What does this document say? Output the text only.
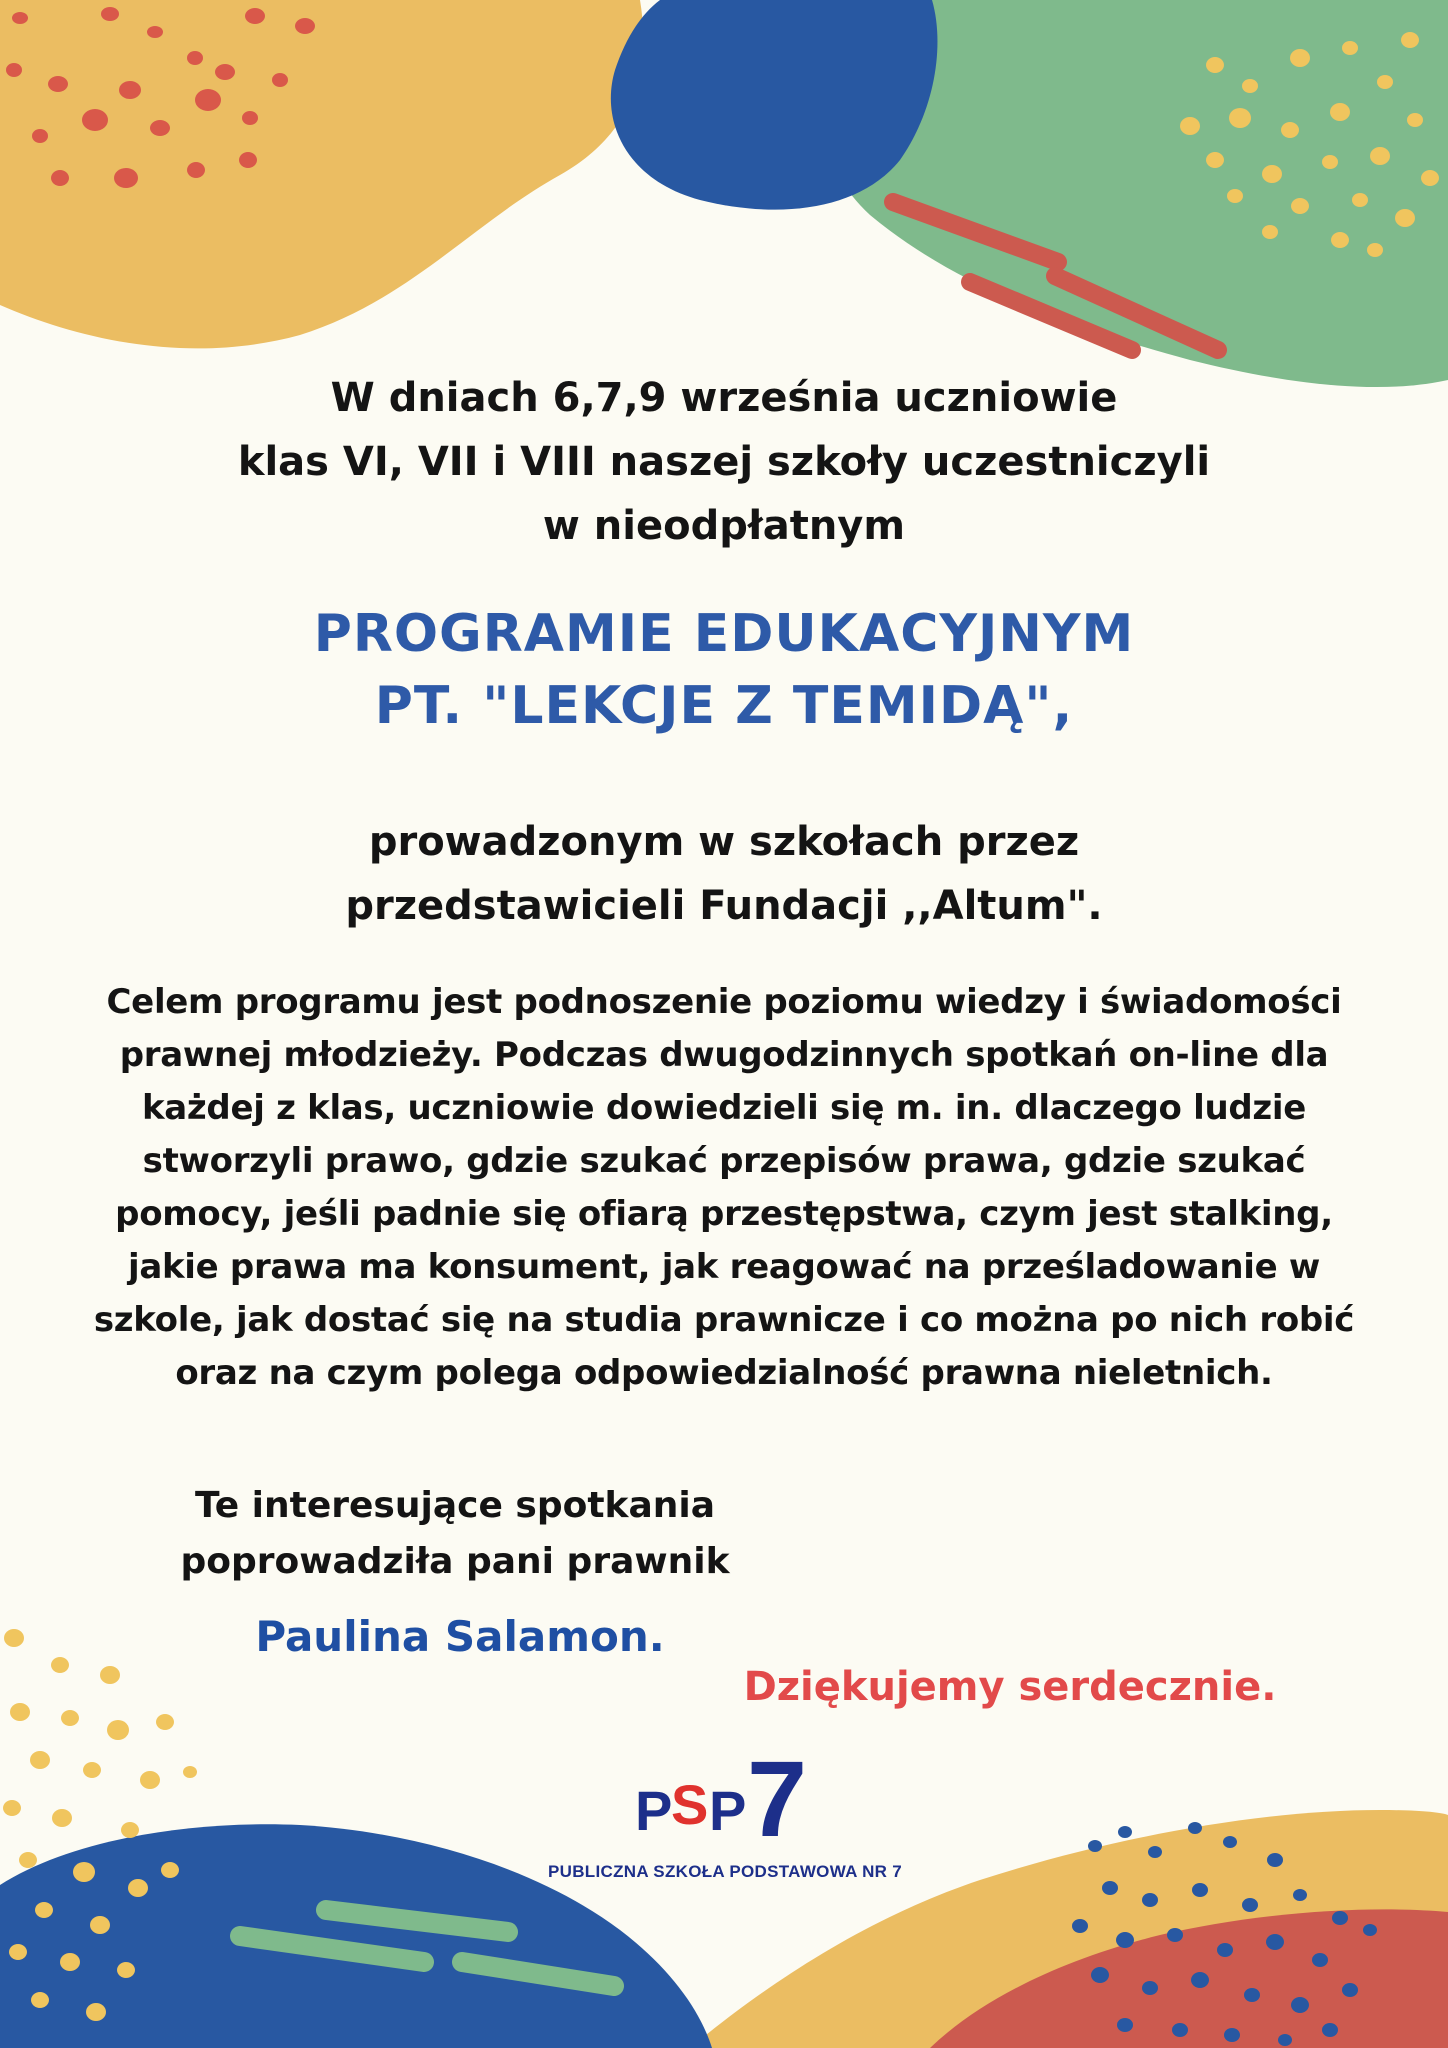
W dniach 6,7,9 września uczniowie
klas VI, VII i VIII naszej szkoły uczestniczyli
w nieodpłatnym
PROGRAMIE EDUKACYJNYM
PT. "LEKCJE Z TEMIDĄ",
prowadzonym w szkołach przez
przedstawicieli Fundacji ,,Altum".
Celem programu jest podnoszenie poziomu wiedzy i świadomości
prawnej młodzieży. Podczas dwugodzinnych spotkań on-line dla
każdej z klas, uczniowie dowiedzieli się m. in. dlaczego ludzie
stworzyli prawo, gdzie szukać przepisów prawa, gdzie szukać
pomocy, jeśli padnie się ofiarą przestępstwa, czym jest stalking,
jakie prawa ma konsument, jak reagować na prześladowanie w
szkole, jak dostać się na studia prawnicze i co można po nich robić
oraz na czym polega odpowiedzialność prawna nieletnich.
Te interesujące spotkania
poprowadziła pani prawnik
Paulina Salamon.
Dziękujemy serdecznie.
P
S P 7
PUBLICZNA SZKOŁA PODSTAWOWA NR 7
